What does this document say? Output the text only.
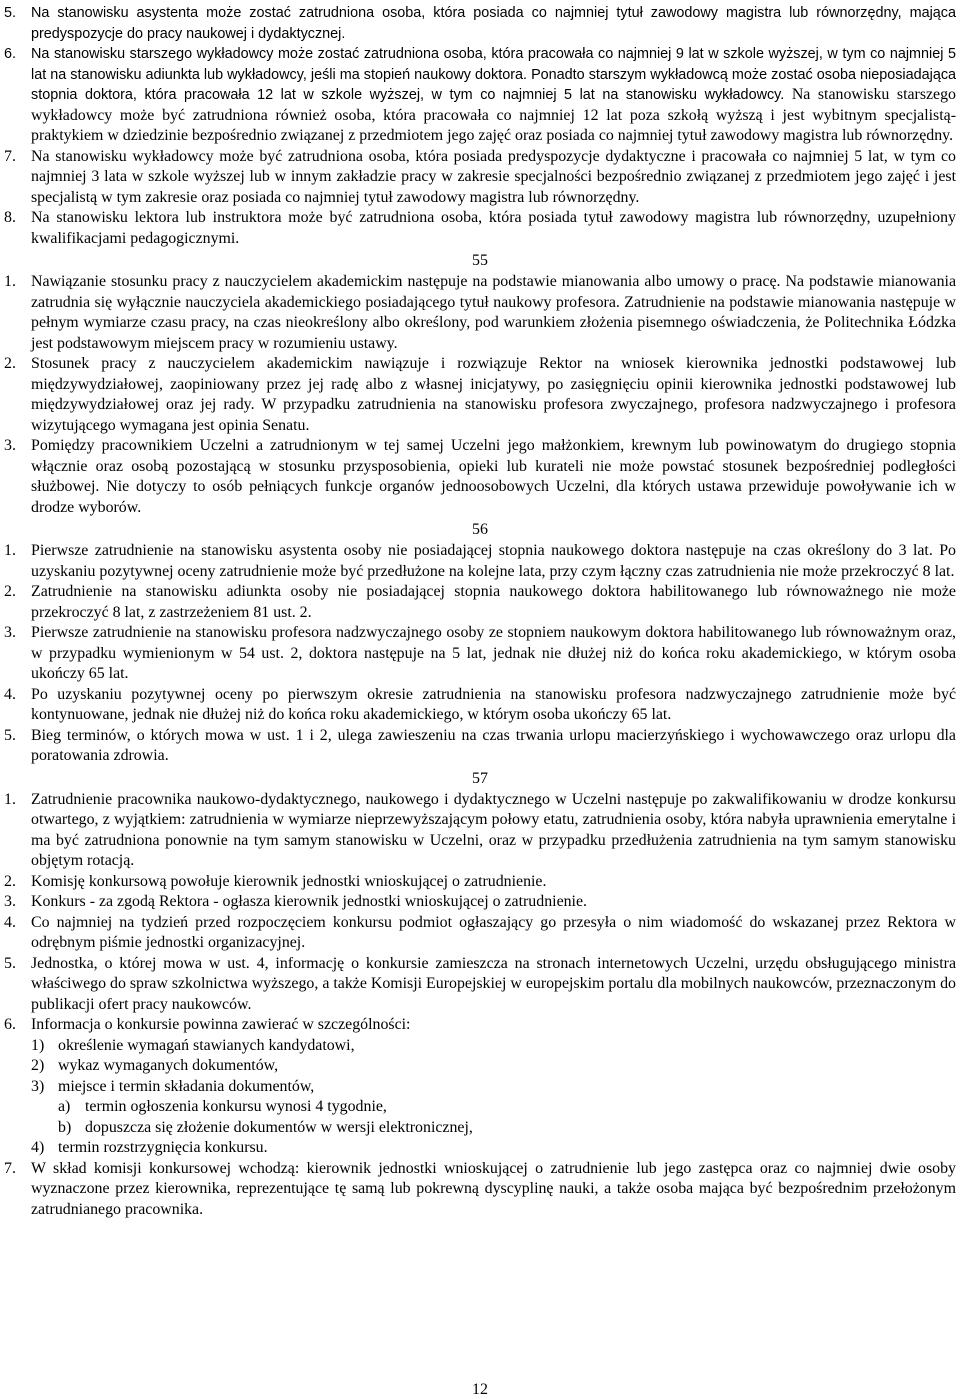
5. Na stanowisku asystenta może zostać zatrudniona osoba, która posiada co najmniej tytuł zawodowy magistra lub równorzędny, mająca predyspozycje do pracy naukowej i dydaktycznej.
6. Na stanowisku starszego wykładowcy może zostać zatrudniona osoba, która pracowała co najmniej 9 lat w szkole wyższej, w tym co najmniej 5 lat na stanowisku adiunkta lub wykładowcy, jeśli ma stopień naukowy doktora. Ponadto starszym wykładowcą może zostać osoba nieposiadająca stopnia doktora, która pracowała 12 lat w szkole wyższej, w tym co najmniej 5 lat na stanowisku wykładowcy. Na stanowisku starszego wykładowcy może być zatrudniona również osoba, która pracowała co najmniej 12 lat poza szkołą wyższą i jest wybitnym specjalistą-praktykiem w dziedzinie bezpośrednio związanej z przedmiotem jego zajęć oraz posiada co najmniej tytuł zawodowy magistra lub równorzędny.
7. Na stanowisku wykładowcy może być zatrudniona osoba, która posiada predyspozycje dydaktyczne i pracowała co najmniej 5 lat, w tym co najmniej 3 lata w szkole wyższej lub w innym zakładzie pracy w zakresie specjalności bezpośrednio związanej z przedmiotem jego zajęć i jest specjalistą w tym zakresie oraz posiada co najmniej tytuł zawodowy magistra lub równorzędny.
8. Na stanowisku lektora lub instruktora może być zatrudniona osoba, która posiada tytuł zawodowy magistra lub równorzędny, uzupełniony kwalifikacjami pedagogicznymi.
55
1. Nawiązanie stosunku pracy z nauczycielem akademickim następuje na podstawie mianowania albo umowy o pracę. Na podstawie mianowania zatrudnia się wyłącznie nauczyciela akademickiego posiadającego tytuł naukowy profesora. Zatrudnienie na podstawie mianowania następuje w pełnym wymiarze czasu pracy, na czas nieokreślony albo określony, pod warunkiem złożenia pisemnego oświadczenia, że Politechnika Łódzka jest podstawowym miejscem pracy w rozumieniu ustawy.
2. Stosunek pracy z nauczycielem akademickim nawiązuje i rozwiązuje Rektor na wniosek kierownika jednostki podstawowej lub międzywydziałowej, zaopiniowany przez jej radę albo z własnej inicjatywy, po zasięgnięciu opinii kierownika jednostki podstawowej lub międzywydziałowej oraz jej rady. W przypadku zatrudnienia na stanowisku profesora zwyczajnego, profesora nadzwyczajnego i profesora wizytującego wymagana jest opinia Senatu.
3. Pomiędzy pracownikiem Uczelni a zatrudnionym w tej samej Uczelni jego małżonkiem, krewnym lub powinowatym do drugiego stopnia włącznie oraz osobą pozostającą w stosunku przysposobienia, opieki lub kurateli nie może powstać stosunek bezpośredniej podległości służbowej. Nie dotyczy to osób pełniących funkcje organów jednoosobowych Uczelni, dla których ustawa przewiduje powoływanie ich w drodze wyborów.
56
1. Pierwsze zatrudnienie na stanowisku asystenta osoby nie posiadającej stopnia naukowego doktora następuje na czas określony do 3 lat. Po uzyskaniu pozytywnej oceny zatrudnienie może być przedłużone na kolejne lata, przy czym łączny czas zatrudnienia nie może przekroczyć 8 lat.
2. Zatrudnienie na stanowisku adiunkta osoby nie posiadającej stopnia naukowego doktora habilitowanego lub równoważnego nie może przekroczyć 8 lat, z zastrzeżeniem 81 ust. 2.
3. Pierwsze zatrudnienie na stanowisku profesora nadzwyczajnego osoby ze stopniem naukowym doktora habilitowanego lub równoważnym oraz, w przypadku wymienionym w 54 ust. 2, doktora następuje na 5 lat, jednak nie dłużej niż do końca roku akademickiego, w którym osoba ukończy 65 lat.
4. Po uzyskaniu pozytywnej oceny po pierwszym okresie zatrudnienia na stanowisku profesora nadzwyczajnego zatrudnienie może być kontynuowane, jednak nie dłużej niż do końca roku akademickiego, w którym osoba ukończy 65 lat.
5. Bieg terminów, o których mowa w ust. 1 i 2, ulega zawieszeniu na czas trwania urlopu macierzyńskiego i wychowawczego oraz urlopu dla poratowania zdrowia.
57
1. Zatrudnienie pracownika naukowo-dydaktycznego, naukowego i dydaktycznego w Uczelni następuje po zakwalifikowaniu w drodze konkursu otwartego, z wyjątkiem: zatrudnienia w wymiarze nieprzewyższającym połowy etatu, zatrudnienia osoby, która nabyła uprawnienia emerytalne i ma być zatrudniona ponownie na tym samym stanowisku w Uczelni, oraz w przypadku przedłużenia zatrudnienia na tym samym stanowisku objętym rotacją.
2. Komisję konkursową powołuje kierownik jednostki wnioskującej o zatrudnienie.
3. Konkurs - za zgodą Rektora - ogłasza kierownik jednostki wnioskującej o zatrudnienie.
4. Co najmniej na tydzień przed rozpoczęciem konkursu podmiot ogłaszający go przesyła o nim wiadomość do wskazanej przez Rektora w odrębnym piśmie jednostki organizacyjnej.
5. Jednostka, o której mowa w ust. 4, informację o konkursie zamieszcza na stronach internetowych Uczelni, urzędu obsługującego ministra właściwego do spraw szkolnictwa wyższego, a także Komisji Europejskiej w europejskim portalu dla mobilnych naukowców, przeznaczonym do publikacji ofert pracy naukowców.
6. Informacja o konkursie powinna zawierać w szczególności:
1) określenie wymagań stawianych kandydatowi,
2) wykaz wymaganych dokumentów,
3) miejsce i termin składania dokumentów,
a) termin ogłoszenia konkursu wynosi 4 tygodnie,
b) dopuszcza się złożenie dokumentów w wersji elektronicznej,
4) termin rozstrzygnięcia konkursu.
7. W skład komisji konkursowej wchodzą: kierownik jednostki wnioskującej o zatrudnienie lub jego zastępca oraz co najmniej dwie osoby wyznaczone przez kierownika, reprezentujące tę samą lub pokrewną dyscyplinę nauki, a także osoba mająca być bezpośrednim przełożonym zatrudnianego pracownika.
12
